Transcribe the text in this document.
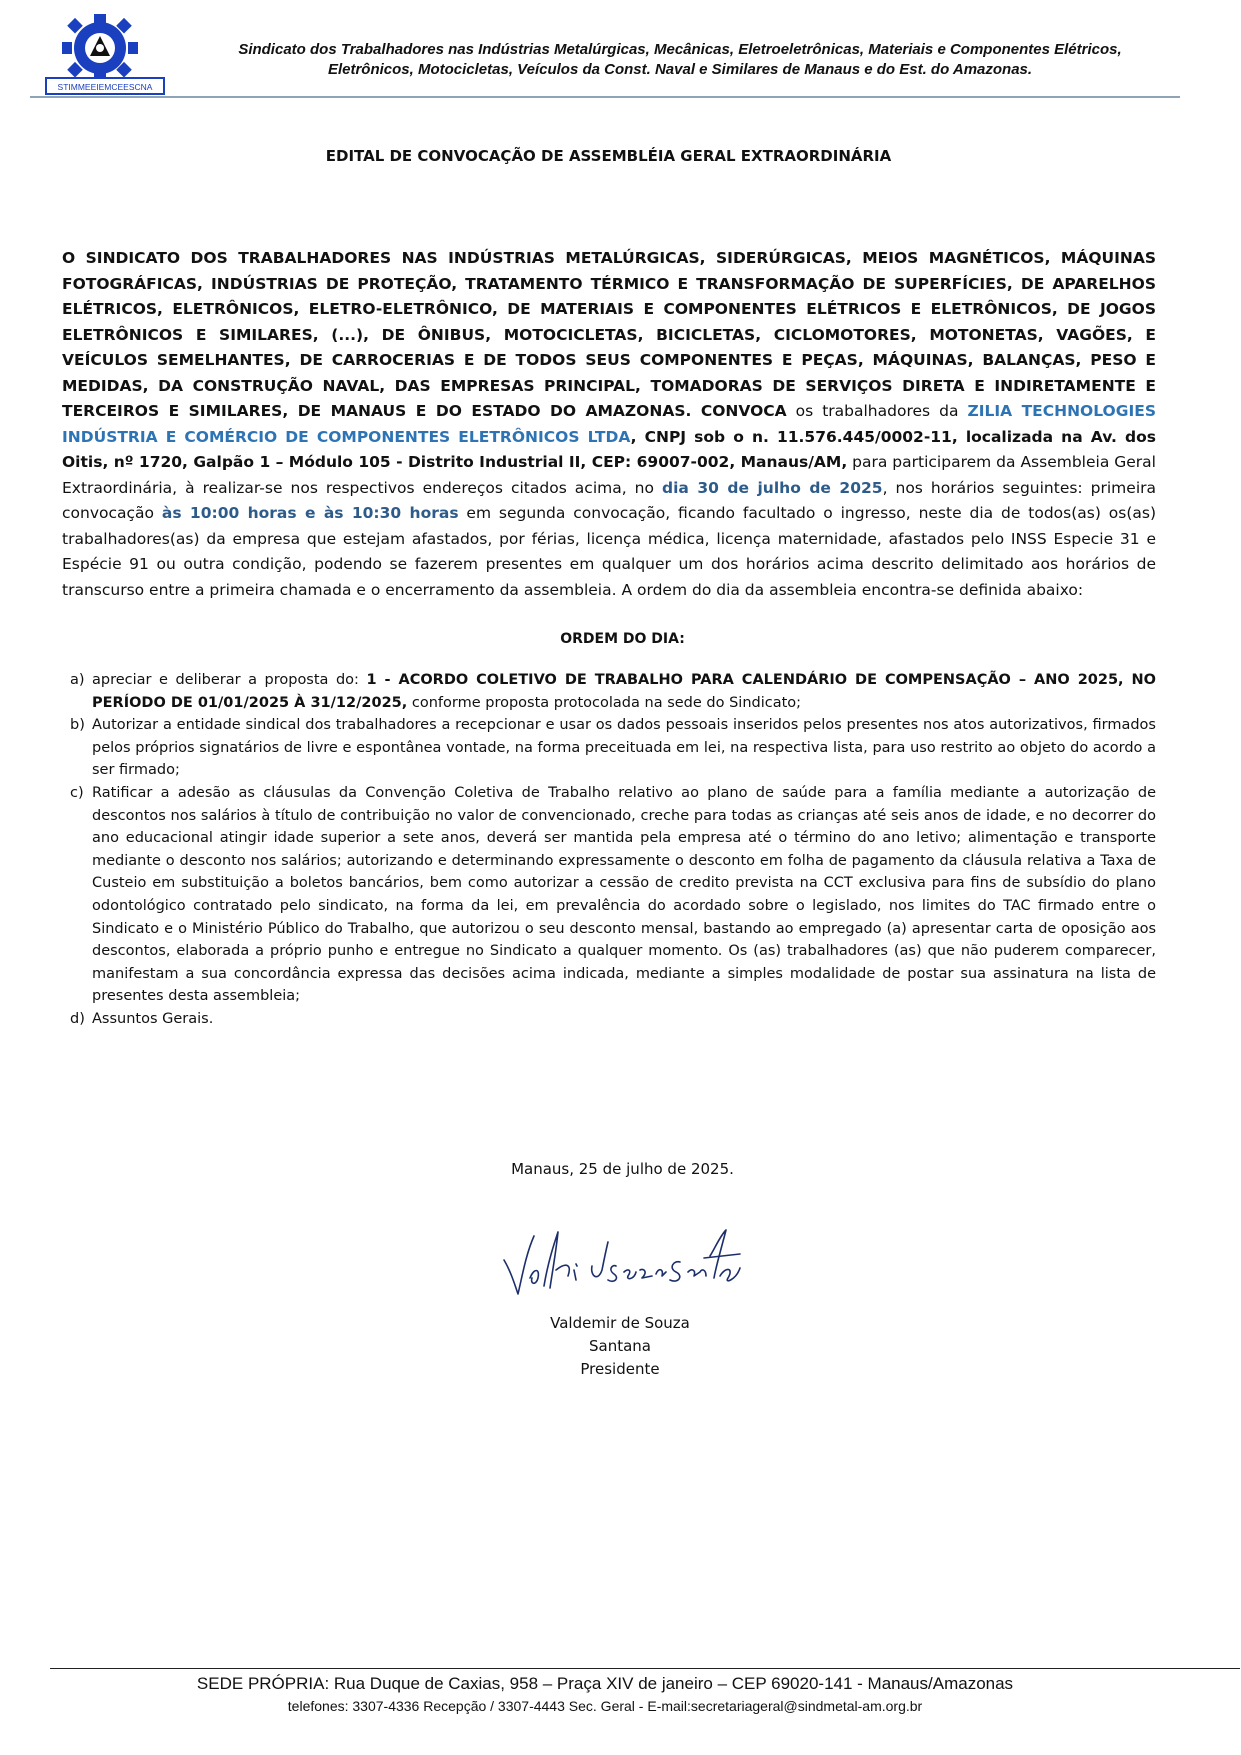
STIMMEEIEMCEESCNA
Sindicato dos Trabalhadores nas Indústrias Metalúrgicas, Mecânicas, Eletroeletrônicas, Materiais e Componentes Elétricos,
Eletrônicos, Motocicletas, Veículos da Const. Naval e Similares de Manaus e do Est. do Amazonas.
EDITAL DE CONVOCAÇÃO DE ASSEMBLÉIA GERAL EXTRAORDINÁRIA
O SINDICATO DOS TRABALHADORES NAS INDÚSTRIAS METALÚRGICAS, SIDERÚRGICAS, MEIOS MAGNÉTICOS, MÁQUINAS FOTOGRÁFICAS, INDÚSTRIAS DE PROTEÇÃO, TRATAMENTO TÉRMICO E TRANSFORMAÇÃO DE SUPERFÍCIES, DE APARELHOS ELÉTRICOS, ELETRÔNICOS, ELETRO-ELETRÔNICO, DE MATERIAIS E COMPONENTES ELÉTRICOS E ELETRÔNICOS, DE JOGOS ELETRÔNICOS E SIMILARES, (...), DE ÔNIBUS, MOTOCICLETAS, BICICLETAS, CICLOMOTORES, MOTONETAS, VAGÕES, E VEÍCULOS SEMELHANTES, DE CARROCERIAS E DE TODOS SEUS COMPONENTES E PEÇAS, MÁQUINAS, BALANÇAS, PESO E MEDIDAS, DA CONSTRUÇÃO NAVAL, DAS EMPRESAS PRINCIPAL, TOMADORAS DE SERVIÇOS DIRETA E INDIRETAMENTE E TERCEIROS E SIMILARES, DE MANAUS E DO ESTADO DO AMAZONAS. CONVOCA os trabalhadores da ZILIA TECHNOLOGIES INDÚSTRIA E COMÉRCIO DE COMPONENTES ELETRÔNICOS LTDA, CNPJ sob o n. 11.576.445/0002-11, localizada na Av. dos Oitis, nº 1720, Galpão 1 – Módulo 105 - Distrito Industrial II, CEP: 69007-002, Manaus/AM, para participarem da Assembleia Geral Extraordinária, à realizar-se nos respectivos endereços citados acima, no dia 30 de julho de 2025, nos horários seguintes: primeira convocação às 10:00 horas e às 10:30 horas em segunda convocação, ficando facultado o ingresso, neste dia de todos(as) os(as) trabalhadores(as) da empresa que estejam afastados, por férias, licença médica, licença maternidade, afastados pelo INSS Especie 31 e Espécie 91 ou outra condição, podendo se fazerem presentes em qualquer um dos horários acima descrito delimitado aos horários de transcurso entre a primeira chamada e o encerramento da assembleia. A ordem do dia da assembleia encontra-se definida abaixo:
ORDEM DO DIA:
a) apreciar e deliberar a proposta do: 1 - ACORDO COLETIVO DE TRABALHO PARA CALENDÁRIO DE COMPENSAÇÃO – ANO 2025, NO PERÍODO DE 01/01/2025 À 31/12/2025, conforme proposta protocolada na sede do Sindicato;
b) Autorizar a entidade sindical dos trabalhadores a recepcionar e usar os dados pessoais inseridos pelos presentes nos atos autorizativos, firmados pelos próprios signatários de livre e espontânea vontade, na forma preceituada em lei, na respectiva lista, para uso restrito ao objeto do acordo a ser firmado;
c) Ratificar a adesão as cláusulas da Convenção Coletiva de Trabalho relativo ao plano de saúde para a família mediante a autorização de descontos nos salários à título de contribuição no valor de convencionado, creche para todas as crianças até seis anos de idade, e no decorrer do ano educacional atingir idade superior a sete anos, deverá ser mantida pela empresa até o término do ano letivo; alimentação e transporte mediante o desconto nos salários; autorizando e determinando expressamente o desconto em folha de pagamento da cláusula relativa a Taxa de Custeio em substituição a boletos bancários, bem como autorizar a cessão de credito prevista na CCT exclusiva para fins de subsídio do plano odontológico contratado pelo sindicato, na forma da lei, em prevalência do acordado sobre o legislado, nos limites do TAC firmado entre o Sindicato e o Ministério Público do Trabalho, que autorizou o seu desconto mensal, bastando ao empregado (a) apresentar carta de oposição aos descontos, elaborada a próprio punho e entregue no Sindicato a qualquer momento. Os (as) trabalhadores (as) que não puderem comparecer, manifestam a sua concordância expressa das decisões acima indicada, mediante a simples modalidade de postar sua assinatura na lista de presentes desta assembleia;
d) Assuntos Gerais.
Manaus, 25 de julho de 2025.
Valdemir de Souza Santana
Presidente
SEDE PRÓPRIA: Rua Duque de Caxias, 958 – Praça XIV de janeiro – CEP 69020-141 - Manaus/Amazonas
telefones: 3307-4336 Recepção / 3307-4443 Sec. Geral - E-mail:secretariageral@sindmetal-am.org.br
